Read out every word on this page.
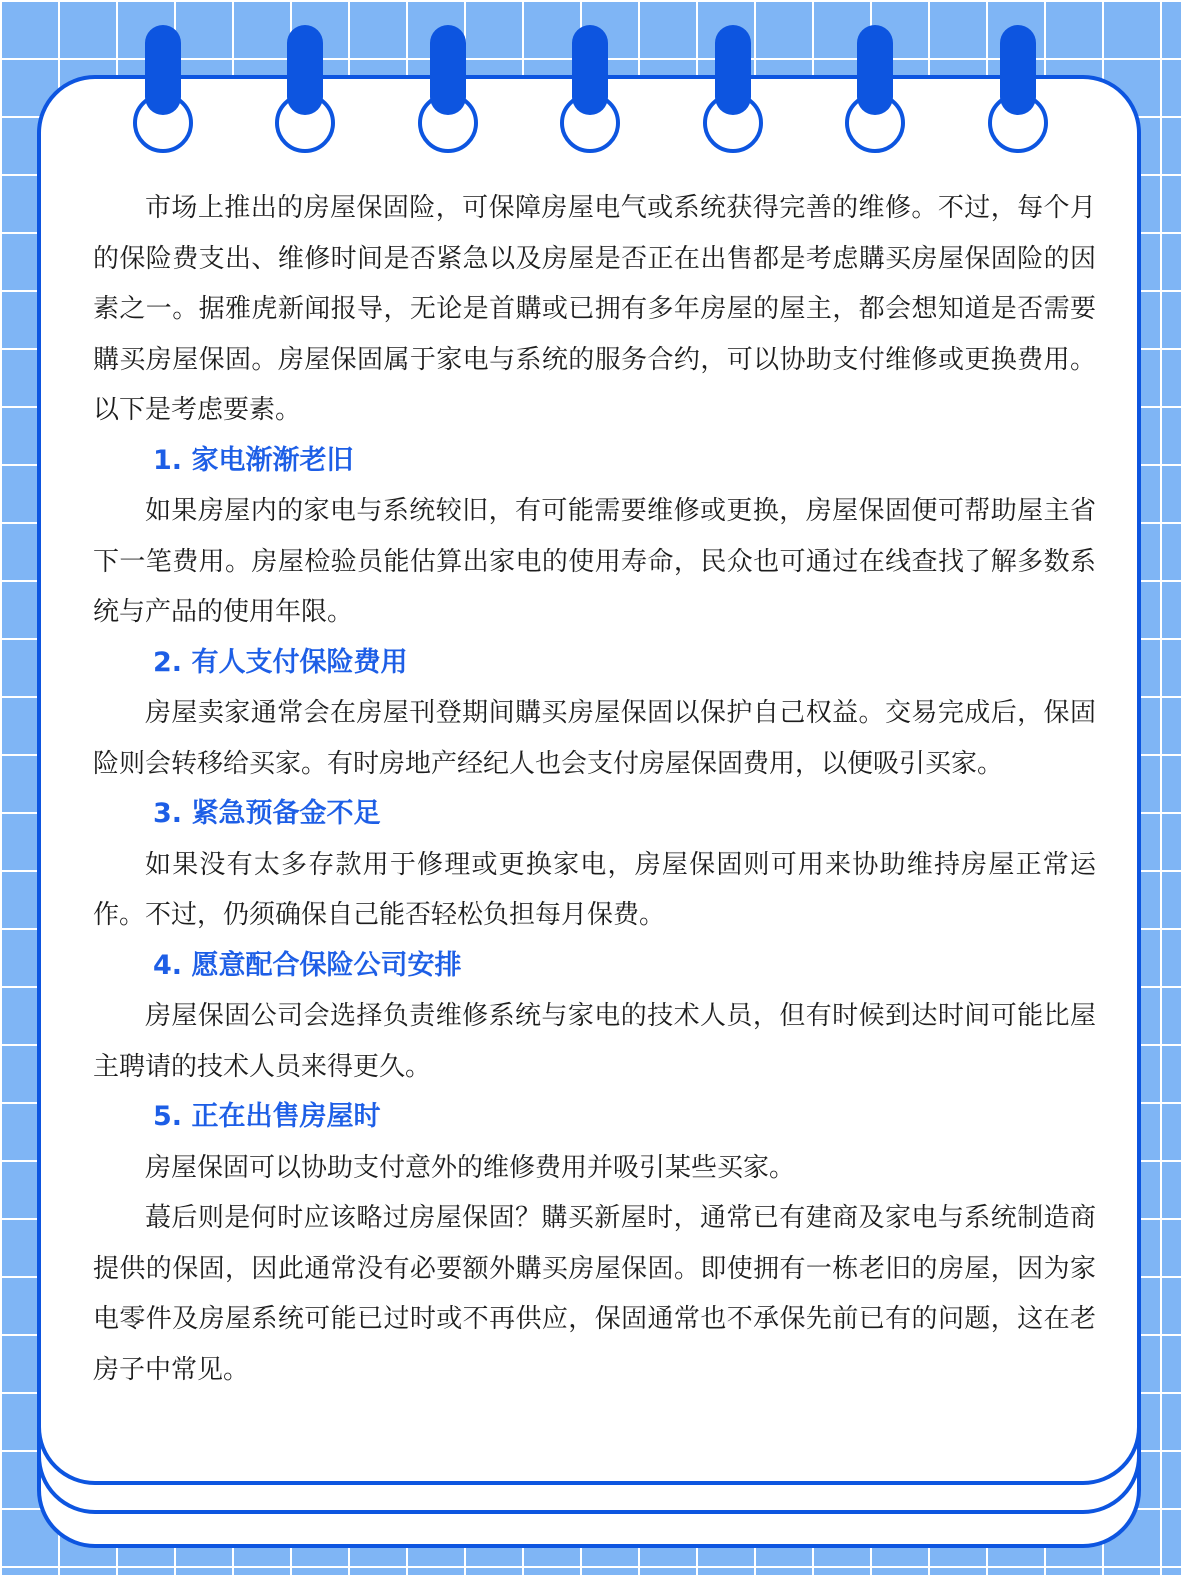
市场上推出的房屋保固险，可保障房屋电气或系统获得完善的维修。不过，每个月的保险费支出、维修时间是否紧急以及房屋是否正在出售都是考虑購买房屋保固险的因素之一。据雅虎新闻报导，无论是首購或已拥有多年房屋的屋主，都会想知道是否需要購买房屋保固。房屋保固属于家电与系统的服务合约，可以协助支付维修或更换费用。以下是考虑要素。

1. 家电渐渐老旧

如果房屋内的家电与系统较旧，有可能需要维修或更换，房屋保固便可帮助屋主省下一笔费用。房屋检验员能估算出家电的使用寿命，民众也可通过在线查找了解多数系统与产品的使用年限。

2. 有人支付保险费用

房屋卖家通常会在房屋刊登期间購买房屋保固以保护自己权益。交易完成后，保固险则会转移给买家。有时房地产经纪人也会支付房屋保固费用，以便吸引买家。

3. 紧急预备金不足

如果没有太多存款用于修理或更换家电，房屋保固则可用来协助维持房屋正常运作。不过，仍须确保自己能否轻松负担每月保费。

4. 愿意配合保险公司安排

房屋保固公司会选择负责维修系统与家电的技术人员，但有时候到达时间可能比屋主聘请的技术人员来得更久。

5. 正在出售房屋时

房屋保固可以协助支付意外的维修费用并吸引某些买家。

蕞后则是何时应该略过房屋保固？購买新屋时，通常已有建商及家电与系统制造商提供的保固，因此通常没有必要额外購买房屋保固。即使拥有一栋老旧的房屋，因为家电零件及房屋系统可能已过时或不再供应，保固通常也不承保先前已有的问题，这在老房子中常见。
